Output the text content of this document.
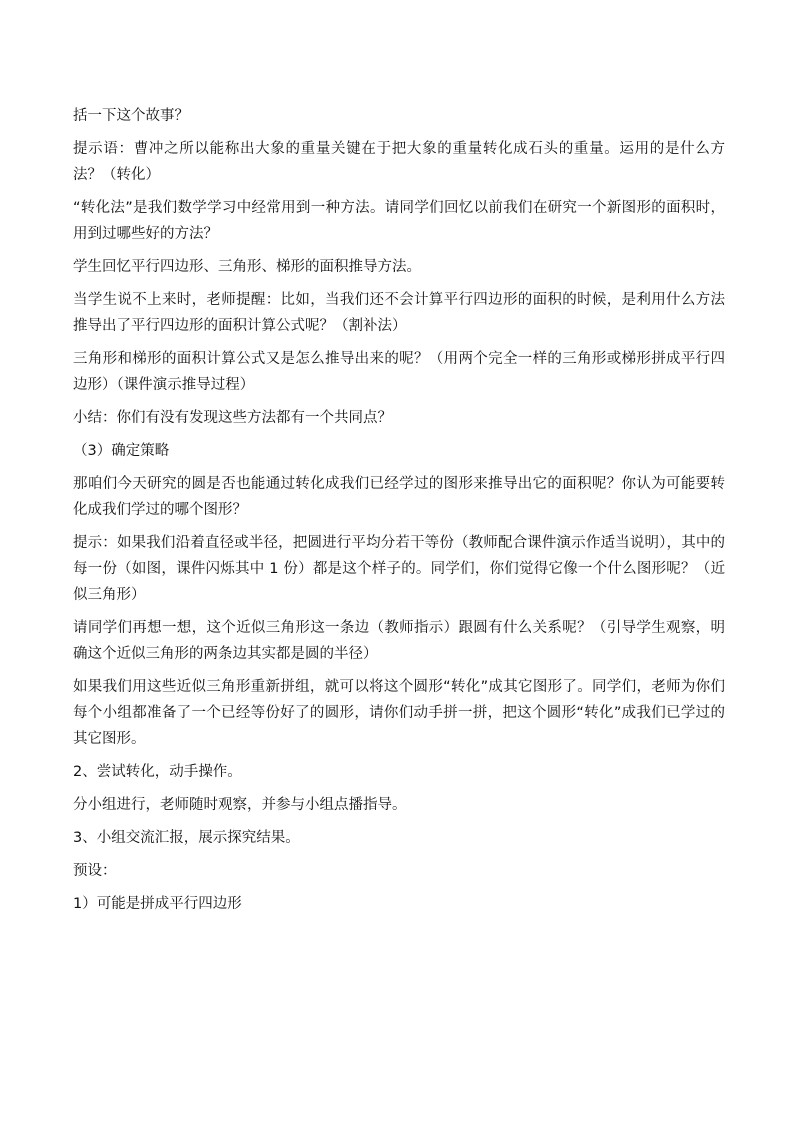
括一下这个故事？

提示语：曹冲之所以能称出大象的重量关键在于把大象的重量转化成石头的重量。运用的是什么方法？（转化）

“转化法”是我们数学学习中经常用到一种方法。请同学们回忆以前我们在研究一个新图形的面积时，用到过哪些好的方法？

学生回忆平行四边形、三角形、梯形的面积推导方法。

当学生说不上来时，老师提醒：比如，当我们还不会计算平行四边形的面积的时候，是利用什么方法推导出了平行四边形的面积计算公式呢？（割补法）

三角形和梯形的面积计算公式又是怎么推导出来的呢？（用两个完全一样的三角形或梯形拼成平行四边形）（课件演示推导过程）

小结：你们有没有发现这些方法都有一个共同点？

（3）确定策略

那咱们今天研究的圆是否也能通过转化成我们已经学过的图形来推导出它的面积呢？你认为可能要转化成我们学过的哪个图形？

提示：如果我们沿着直径或半径，把圆进行平均分若干等份（教师配合课件演示作适当说明），其中的每一份（如图，课件闪烁其中 1 份）都是这个样子的。同学们，你们觉得它像一个什么图形呢？（近似三角形）

请同学们再想一想，这个近似三角形这一条边（教师指示）跟圆有什么关系呢？（引导学生观察，明确这个近似三角形的两条边其实都是圆的半径）

如果我们用这些近似三角形重新拼组，就可以将这个圆形“转化”成其它图形了。同学们，老师为你们每个小组都准备了一个已经等份好了的圆形，请你们动手拼一拼，把这个圆形“转化”成我们已学过的其它图形。

2、尝试转化，动手操作。

分小组进行，老师随时观察，并参与小组点播指导。

3、小组交流汇报，展示探究结果。

预设：

1）可能是拼成平行四边形
